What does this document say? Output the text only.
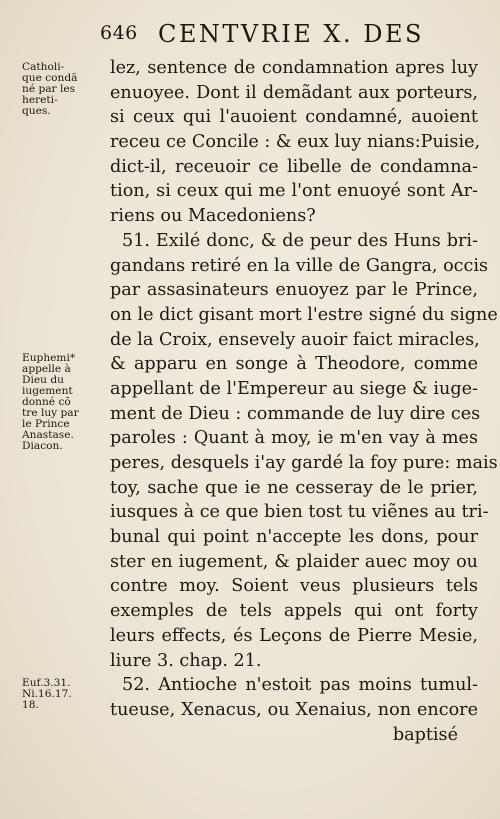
646 CENTVRIE X. DES
Catholi-
que condã
né par les
hereti-
ques.
Euphemi*
appelle à
Dieu du
iugement
donné cõ
tre luy par
le Prince
Anastase.
Diacon.
Euf.3.31.
Ni.16.17.
18.
lez, sentence de condamnation apres luy
enuoyee. Dont il demãdant aux porteurs,
si ceux qui l'auoient condamné, auoient
receu ce Concile : & eux luy nians:Puisie,
dict-il, receuoir ce libelle de condamna-
tion, si ceux qui me l'ont enuoyé sont Ar-
riens ou Macedoniens?
51. Exilé donc, & de peur des Huns bri-
gandans retiré en la ville de Gangra, occis
par assasinateurs enuoyez par le Prince,
on le dict gisant mort l'estre signé du signe
de la Croix, ensevely auoir faict miracles,
& apparu en songe à Theodore, comme
appellant de l'Empereur au siege & iuge-
ment de Dieu : commande de luy dire ces
paroles : Quant à moy, ie m'en vay à mes
peres, desquels i'ay gardé la foy pure: mais
toy, sache que ie ne cesseray de le prier,
iusques à ce que bien tost tu viẽnes au tri-
bunal qui point n'accepte les dons, pour
ster en iugement, & plaider auec moy ou
contre moy. Soient veus plusieurs tels
exemples de tels appels qui ont forty
leurs effects, és Leçons de Pierre Mesie,
liure 3. chap. 21.
52. Antioche n'estoit pas moins tumul-
tueuse, Xenacus, ou Xenaius, non encore
baptisé
